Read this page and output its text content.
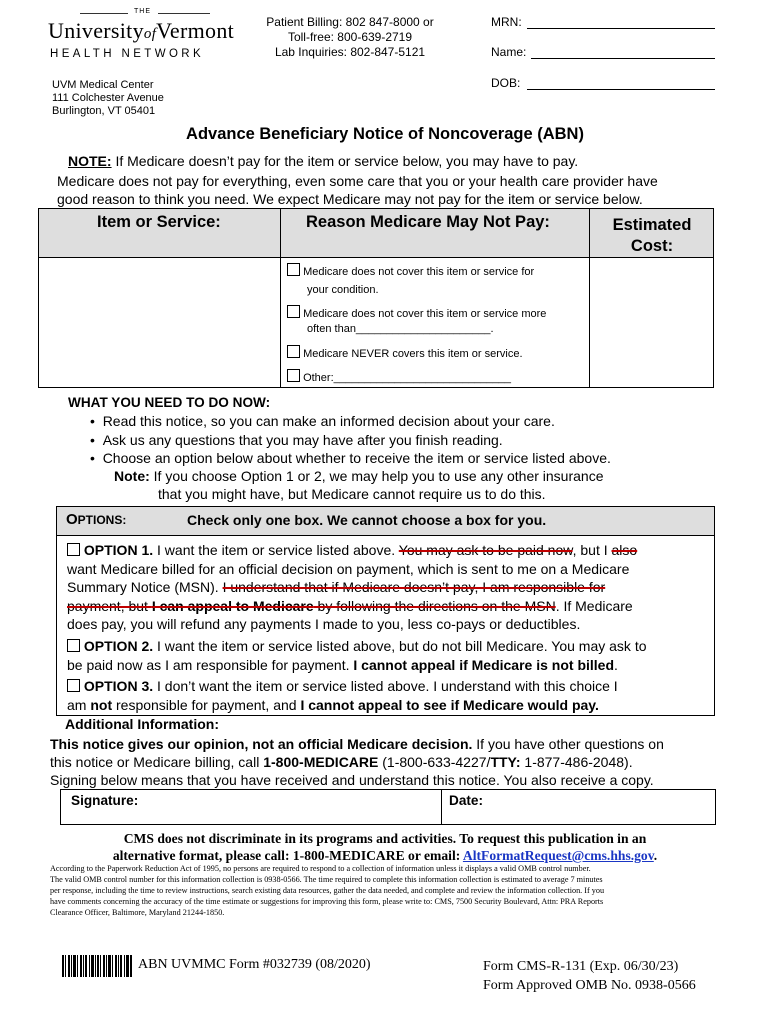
THE
UniversityofVermont
HEALTH NETWORK
UVM Medical Center
111 Colchester Avenue
Burlington, VT 05401
Patient Billing: 802 847-8000 or
Toll-free: 800-639-2719
Lab Inquiries: 802-847-5121
MRN:
Name:
DOB:
Advance Beneficiary Notice of Noncoverage (ABN)
NOTE: If Medicare doesn’t pay for the item or service below, you may have to pay.
Medicare does not pay for everything, even some care that you or your health care provider have
good reason to think you need. We expect Medicare may not pay for the item or service below.
Item or Service:	Reason Medicare May Not Pay:	Estimated
Cost:
Medicare does not cover this item or service for
your condition.
Medicare does not cover this item or service more
often than______________________.
Medicare NEVER covers this item or service.
Other:_____________________________
WHAT YOU NEED TO DO NOW:
•  Read this notice, so you can make an informed decision about your care.
•  Ask us any questions that you may have after you finish reading.
•  Choose an option below about whether to receive the item or service listed above.
Note: If you choose Option 1 or 2, we may help you to use any other insurance
that you might have, but Medicare cannot require us to do this.
OPTIONS:	Check only one box. We cannot choose a box for you.
OPTION 1. I want the item or service listed above. You may ask to be paid now, but I also
want Medicare billed for an official decision on payment, which is sent to me on a Medicare
Summary Notice (MSN). I understand that if Medicare doesn’t pay, I am responsible for
payment, but I can appeal to Medicare by following the directions on the MSN. If Medicare
does pay, you will refund any payments I made to you, less co-pays or deductibles.
OPTION 2. I want the item or service listed above, but do not bill Medicare. You may ask to
be paid now as I am responsible for payment. I cannot appeal if Medicare is not billed.
OPTION 3. I don’t want the item or service listed above. I understand with this choice I
am not responsible for payment, and I cannot appeal to see if Medicare would pay.
Additional Information:
This notice gives our opinion, not an official Medicare decision. If you have other questions on
this notice or Medicare billing, call 1-800-MEDICARE (1-800-633-4227/TTY: 1-877-486-2048).
Signing below means that you have received and understand this notice. You also receive a copy.
Signature:	Date:
CMS does not discriminate in its programs and activities. To request this publication in an
alternative format, please call: 1-800-MEDICARE or email: AltFormatRequest@cms.hhs.gov.
According to the Paperwork Reduction Act of 1995, no persons are required to respond to a collection of information unless it displays a valid OMB control number.
The valid OMB control number for this information collection is 0938-0566. The time required to complete this information collection is estimated to average 7 minutes
per response, including the time to review instructions, search existing data resources, gather the data needed, and complete and review the information collection. If you
have comments concerning the accuracy of the time estimate or suggestions for improving this form, please write to: CMS, 7500 Security Boulevard, Attn: PRA Reports
Clearance Officer, Baltimore, Maryland 21244-1850.
ABN UVMMC Form #032739 (08/2020)	Form CMS-R-131 (Exp. 06/30/23)
Form Approved OMB No. 0938-0566
